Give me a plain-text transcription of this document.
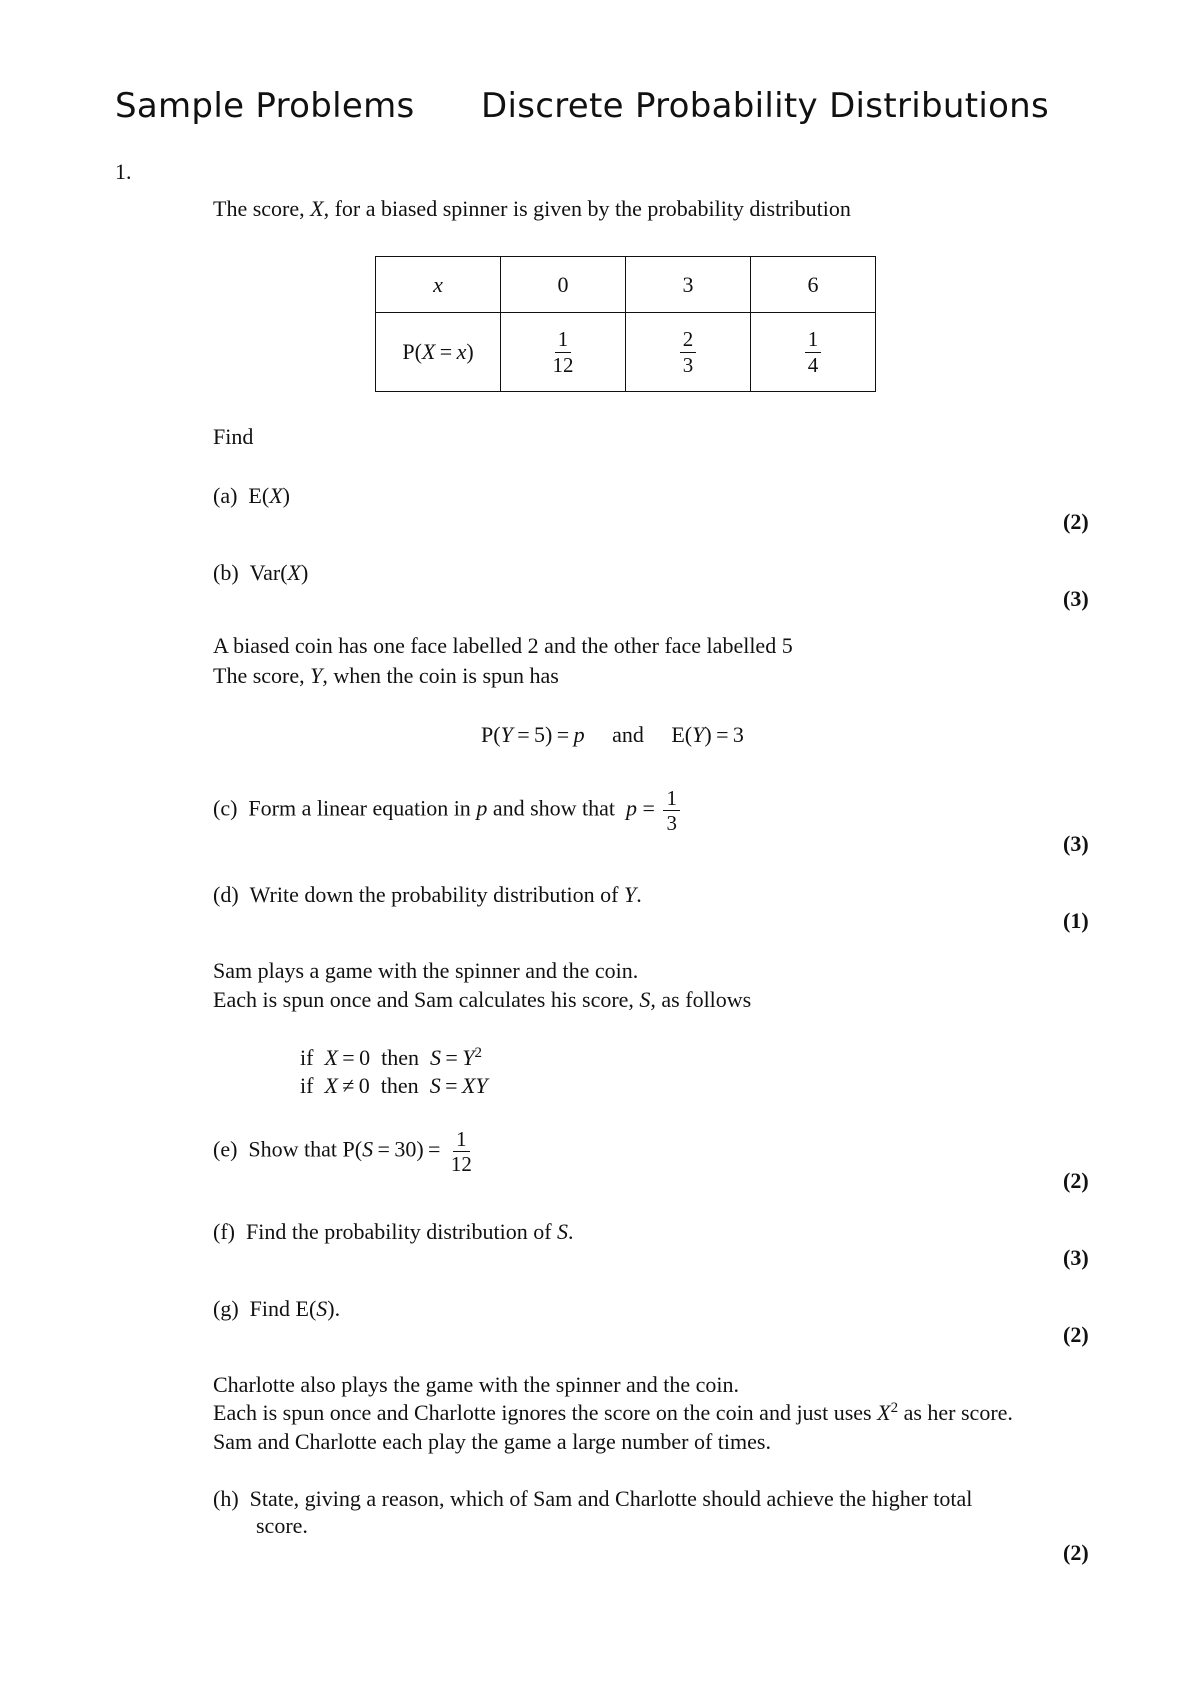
Sample Problems Discrete Probability Distributions
1.
The score, X, for a biased spinner is given by the probability distribution
x	0	3	6
P(X = x)	$\frac{1}{12}$	$\frac{2}{3}$	$\frac{1}{4}$
Find
(a) E(X)
(2)
(b) Var(X)
(3)
A biased coin has one face labelled 2 and the other face labelled 5
The score, Y, when the coin is spun has
P(Y = 5) = p and E(Y) = 3
(c) Form a linear equation in p and show that  $p = \frac{1}{3}$
(3)
(d) Write down the probability distribution of Y.
(1)
Sam plays a game with the spinner and the coin.
Each is spun once and Sam calculates his score, S, as follows
if X = 0 then $S = Y^2$
if X ≠ 0 then S = XY
(e) Show that $P(S = 30) = \frac{1}{12}$
(2)
(f) Find the probability distribution of S.
(3)
(g) Find E(S).
(2)
Charlotte also plays the game with the spinner and the coin.
Each is spun once and Charlotte ignores the score on the coin and just uses $X^2$ as her score.
Sam and Charlotte each play the game a large number of times.
(h) State, giving a reason, which of Sam and Charlotte should achieve the higher total
score.
(2)
